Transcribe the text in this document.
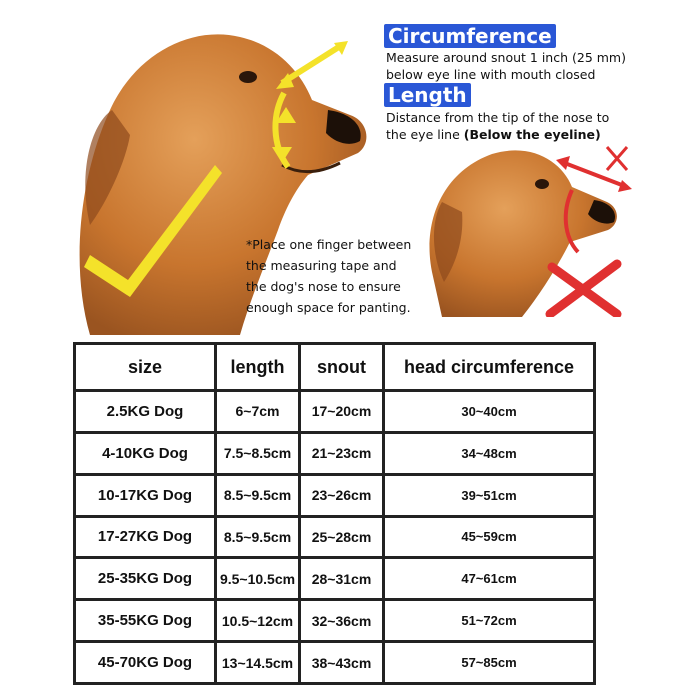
Circumference
Measure around snout 1 inch (25 mm)
below eye line with mouth closed
Length
Distance from the tip of the nose to
the eye line (Below the eyeline)
*Place one finger between
the measuring tape and
the dog's nose to ensure
enough space for panting.
size	length	snout	head circumference
2.5KG Dog	6~7cm	17~20cm	30~40cm
4-10KG Dog	7.5~8.5cm	21~23cm	34~48cm
10-17KG Dog	8.5~9.5cm	23~26cm	39~51cm
17-27KG Dog	8.5~9.5cm	25~28cm	45~59cm
25-35KG Dog	9.5~10.5cm	28~31cm	47~61cm
35-55KG Dog	10.5~12cm	32~36cm	51~72cm
45-70KG Dog	13~14.5cm	38~43cm	57~85cm
